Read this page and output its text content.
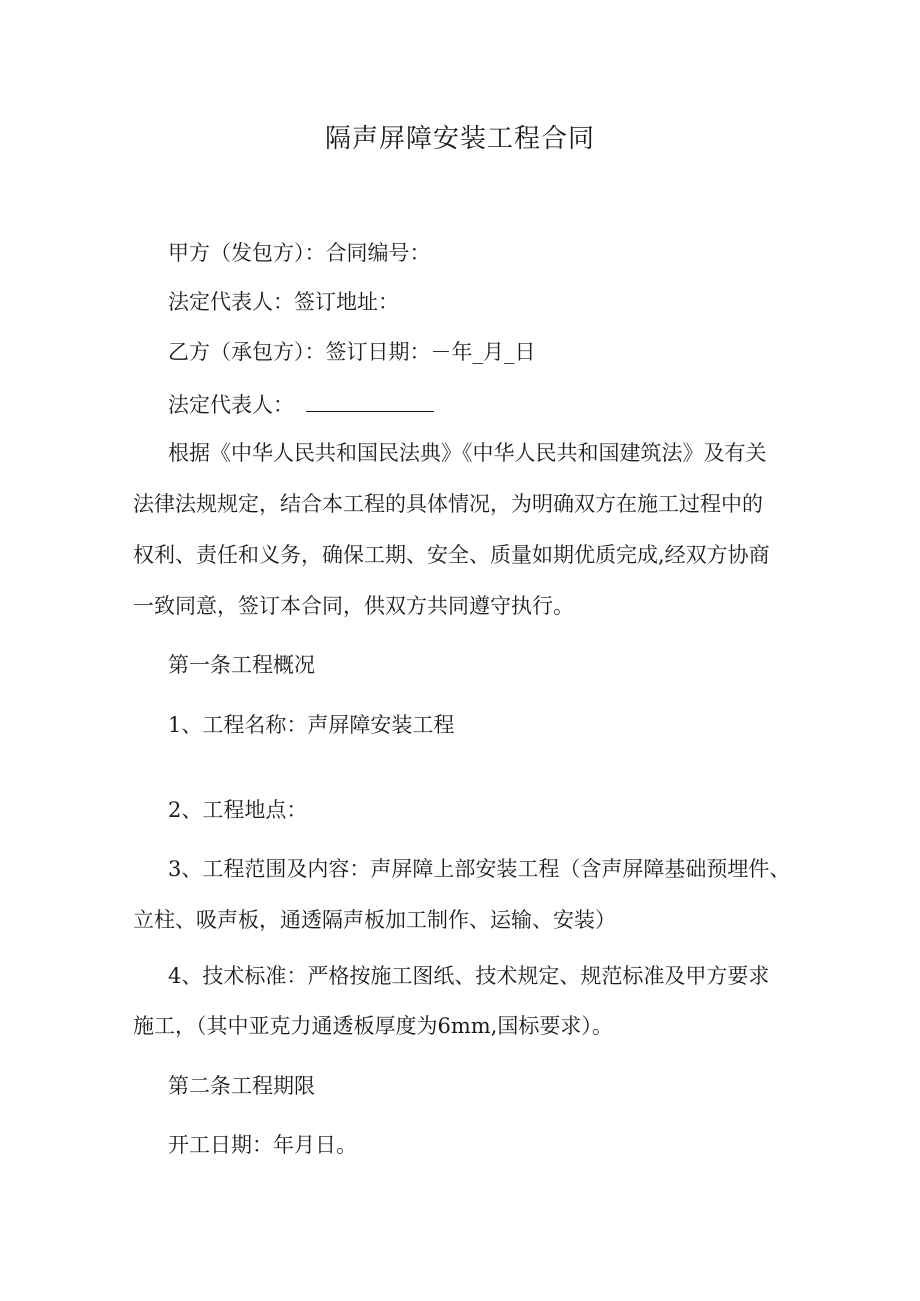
隔声屏障安装工程合同
甲方（发包方）：合同编号：
法定代表人：签订地址：
乙方（承包方）：签订日期：－年_月_日
法定代表人：
根据《中华人民共和国民法典》《中华人民共和国建筑法》及有关
法律法规规定，结合本工程的具体情况，为明确双方在施工过程中的
权利、责任和义务，确保工期、安全、质量如期优质完成,经双方协商
一致同意，签订本合同，供双方共同遵守执行。
第一条工程概况
1、工程名称：声屏障安装工程
2、工程地点：
3、工程范围及内容：声屏障上部安装工程（含声屏障基础预埋件、
立柱、吸声板，通透隔声板加工制作、运输、安装）
4、技术标准：严格按施工图纸、技术规定、规范标准及甲方要求
施工，（其中亚克力通透板厚度为6mm,国标要求）。
第二条工程期限
开工日期：年月日。
